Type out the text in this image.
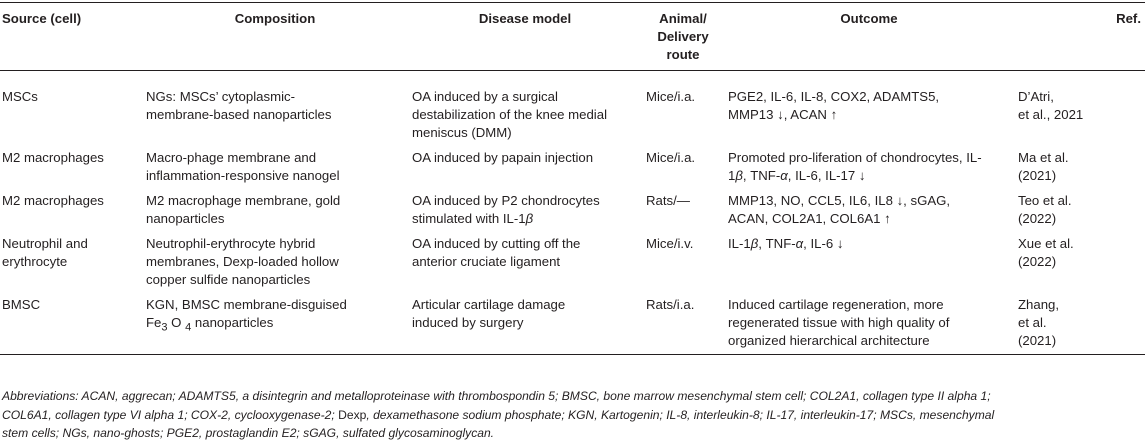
Source (cell)	Composition	Disease model	Animal/
Delivery
route	Outcome	Ref.
MSCs	NGs: MSCs’ cytoplasmic-
membrane-based nanoparticles	OA induced by a surgical
destabilization of the knee medial
meniscus (DMM)	Mice/i.a.	PGE2, IL-6, IL-8, COX2, ADAMTS5,
MMP13 ↓, ACAN ↑	D’Atri,
et al., 2021
M2 macrophages	Macro-phage membrane and
inflammation-responsive nanogel	OA induced by papain injection	Mice/i.a.	Promoted pro-liferation of chondrocytes, IL-
1β, TNF-α, IL-6, IL-17 ↓	Ma et al.
(2021)
M2 macrophages	M2 macrophage membrane, gold
nanoparticles	OA induced by P2 chondrocytes
stimulated with IL-1β	Rats/—	MMP13, NO, CCL5, IL6, IL8 ↓, sGAG,
ACAN, COL2A1, COL6A1 ↑	Teo et al.
(2022)
Neutrophil and
erythrocyte	Neutrophil-erythrocyte hybrid
membranes, Dexp-loaded hollow
copper sulfide nanoparticles	OA induced by cutting off the
anterior cruciate ligament	Mice/i.v.	IL-1β, TNF-α, IL-6 ↓	Xue et al.
(2022)
BMSC	KGN, BMSC membrane-disguised
$Fe_3$ O $_4$ nanoparticles	Articular cartilage damage
induced by surgery	Rats/i.a.	Induced cartilage regeneration, more
regenerated tissue with high quality of
organized hierarchical architecture	Zhang,
et al.
(2021)
Abbreviations: ACAN, aggrecan; ADAMTS5, a disintegrin and metalloproteinase with thrombospondin 5; BMSC, bone marrow mesenchymal stem cell; COL2A1, collagen type II alpha 1;
COL6A1, collagen type VI alpha 1; COX-2, cyclooxygenase-2; Dexp, dexamethasone sodium phosphate; KGN, Kartogenin; IL-8, interleukin-8; IL-17, interleukin-17; MSCs, mesenchymal
stem cells; NGs, nano-ghosts; PGE2, prostaglandin E2; sGAG, sulfated glycosaminoglycan.
